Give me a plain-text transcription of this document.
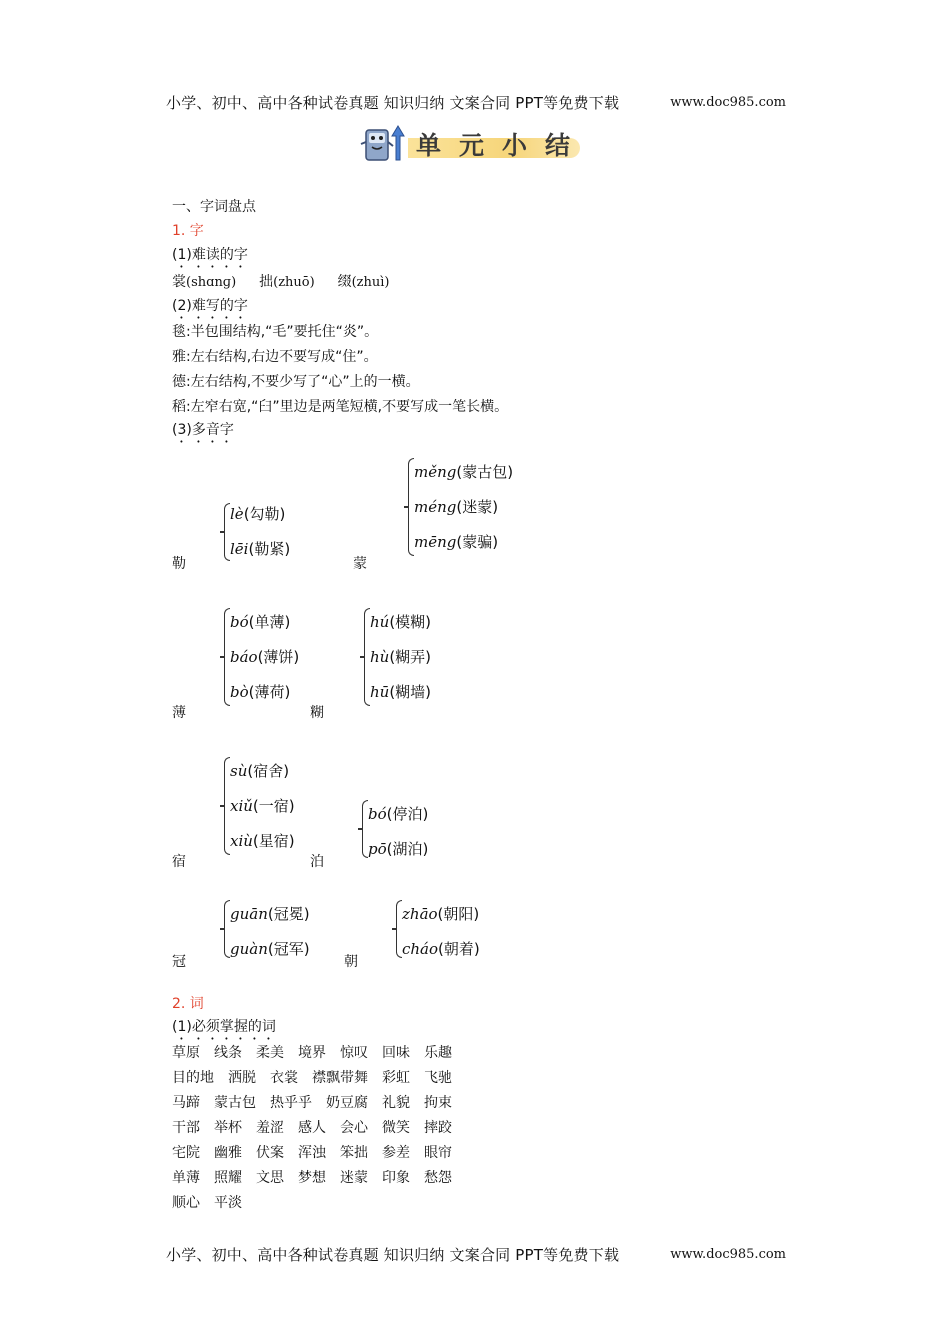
小学、初中、高中各种试卷真题 知识归纳 文案合同 PPT等免费下载	www.doc985.com
单元小结
一、字词盘点
1. 字
(1)难读的字
裳(shɑnɡ) 拙(zhuō) 缀(zhuì)
(2)难写的字
毯:半包围结构,“毛”要托住“炎”。
雅:左右结构,右边不要写成“住”。
德:左右结构,不要少写了“心”上的一横。
稻:左窄右宽,“臼”里边是两笔短横,不要写成一笔长横。
(3)多音字
勒
lè(勾勒)
lēi(勒紧)
蒙
měng(蒙古包)
méng(迷蒙)
mēng(蒙骗)
薄
bó(单薄)
báo(薄饼)
bò(薄荷)
糊
hú(模糊)
hù(糊弄)
hū(糊墙)
宿
sù(宿舍)
xiǔ(一宿)
xiù(星宿)
泊
bó(停泊)
pō(湖泊)
冠
guān(冠冕)
guàn(冠军)
朝
zhāo(朝阳)
cháo(朝着)
2. 词
(1)必须掌握的词
草原 线条 柔美 境界 惊叹 回味 乐趣
目的地 洒脱 衣裳 襟飘带舞 彩虹 飞驰
马蹄 蒙古包 热乎乎 奶豆腐 礼貌 拘束
干部 举杯 羞涩 感人 会心 微笑 摔跤
宅院 幽雅 伏案 浑浊 笨拙 参差 眼帘
单薄 照耀 文思 梦想 迷蒙 印象 愁怨
顺心 平淡
小学、初中、高中各种试卷真题 知识归纳 文案合同 PPT等免费下载	www.doc985.com
